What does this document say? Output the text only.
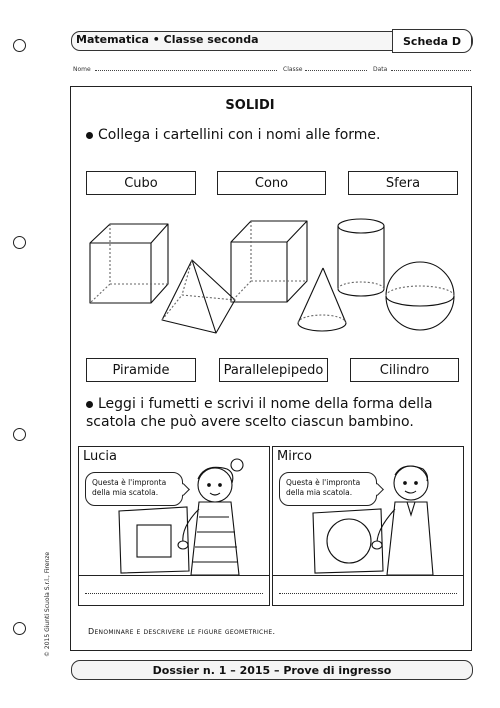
Matematica • Classe seconda	Scheda D
Nome	Classe	Data
SOLIDI
Collega i cartellini con i nomi alle forme.
Cubo	Cono	Sfera
Piramide	Parallelepipedo	Cilindro
Leggi i fumetti e scrivi il nome della forma della
scatola che può avere scelto ciascun bambino.
Lucia
Questa è l'impronta
della mia scatola.
Mirco
Questa è l'impronta
della mia scatola.
Denominare e descrivere le figure geometriche.
Dossier n. 1 – 2015 – Prove di ingresso
© 2015 Giunti Scuola S.r.l., Firenze
